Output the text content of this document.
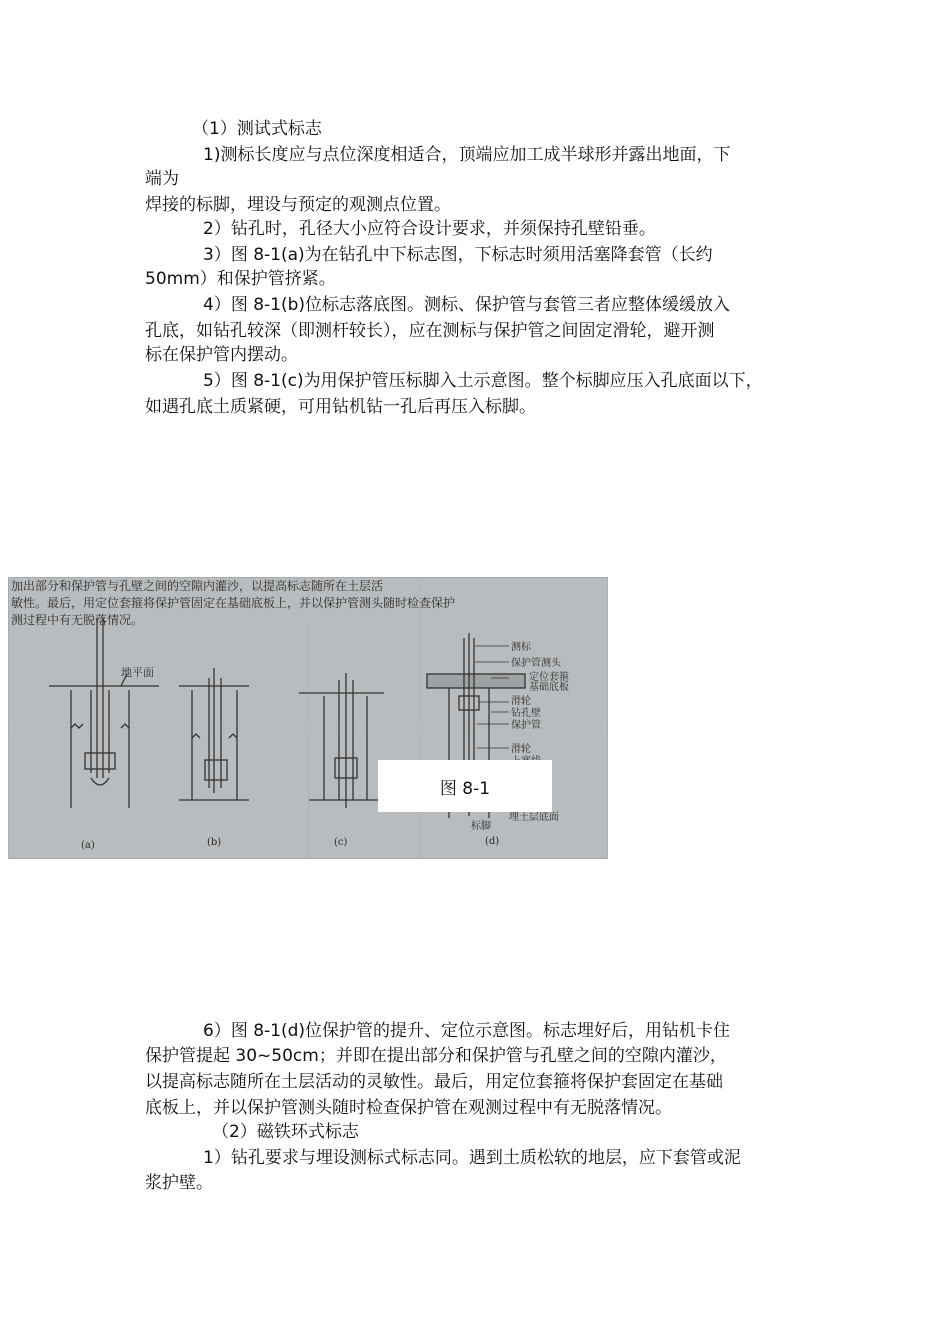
（1）测试式标志
1)测标长度应与点位深度相适合，顶端应加工成半球形并露出地面，下
端为
焊接的标脚，埋设与预定的观测点位置。
2）钻孔时，孔径大小应符合设计要求，并须保持孔壁铅垂。
3）图 8-1(a)为在钻孔中下标志图，下标志时须用活塞降套管（长约
50mm）和保护管挤紧。
4）图 8-1(b)位标志落底图。测标、保护管与套管三者应整体缓缓放入
孔底，如钻孔较深（即测杆较长），应在测标与保护管之间固定滑轮，避开测
标在保护管内摆动。
5）图 8-1(c)为用保护管压标脚入土示意图。整个标脚应压入孔底面以下，
如遇孔底土质紧硬，可用钻机钻一孔后再压入标脚。
加出部分和保护管与孔壁之间的空隙内灌沙，以提高标志随所在土层活
敏性。最后，用定位套箍将保护管固定在基础底板上，并以保护管测头随时检查保护
测过程中有无脱落情况。
地平面
测标
保护管测头
定位套箍
基础底板
滑轮
钻孔壁
保护管
滑轮
埋土层底面
标脚
(a)	(b)	(c)	(d)
图 8-1
6）图 8-1(d)位保护管的提升、定位示意图。标志埋好后，用钻机卡住
保护管提起 30~50cm；并即在提出部分和保护管与孔壁之间的空隙内灌沙，
以提高标志随所在土层活动的灵敏性。最后，用定位套箍将保护套固定在基础
底板上，并以保护管测头随时检查保护管在观测过程中有无脱落情况。
（2）磁铁环式标志
1）钻孔要求与埋设测标式标志同。遇到土质松软的地层，应下套管或泥
浆护壁。
